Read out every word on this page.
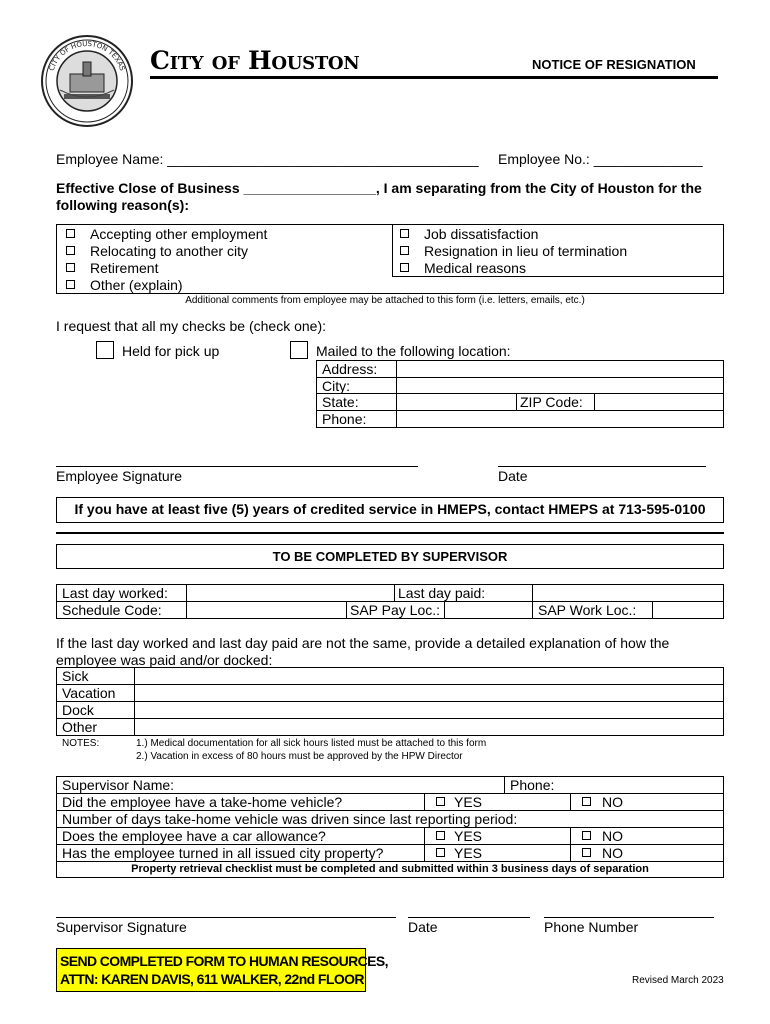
CITY OF HOUSTON TEXAS City of Houston	NOTICE OF RESIGNATION
Employee Name: ________________________________________ Employee No.: ______________
Effective Close of Business _________________, I am separating from the City of Houston for the
following reason(s):
Accepting other employment
Relocating to another city
Retirement
Other (explain)
Job dissatisfaction
Resignation in lieu of termination
Medical reasons
Additional comments from employee may be attached to this form (i.e. letters, emails, etc.)
I request that all my checks be (check one):
Held for pick up	Mailed to the following location:
Address:
City:
State:	ZIP Code:
Phone:
Employee Signature	Date
If you have at least five (5) years of credited service in HMEPS, contact HMEPS at 713-595-0100
TO BE COMPLETED BY SUPERVISOR
Last day worked:	Last day paid:
Schedule Code:	SAP Pay Loc.:	SAP Work Loc.:
If the last day worked and last day paid are not the same, provide a detailed explanation of how the
employee was paid and/or docked:
Sick
Vacation
Dock
Other
NOTES:	1.) Medical documentation for all sick hours listed must be attached to this form
2.) Vacation in excess of 80 hours must be approved by the HPW Director
Supervisor Name:	Phone:
Did the employee have a take-home vehicle?	YES	NO
Number of days take-home vehicle was driven since last reporting period:
Does the employee have a car allowance?	YES	NO
Has the employee turned in all issued city property?	YES	NO
Property retrieval checklist must be completed and submitted within 3 business days of separation
Supervisor Signature	Date	Phone Number
SEND COMPLETED FORM TO HUMAN RESOURCES,
ATTN: KAREN DAVIS, 611 WALKER, 22nd FLOOR	Revised March 2023
